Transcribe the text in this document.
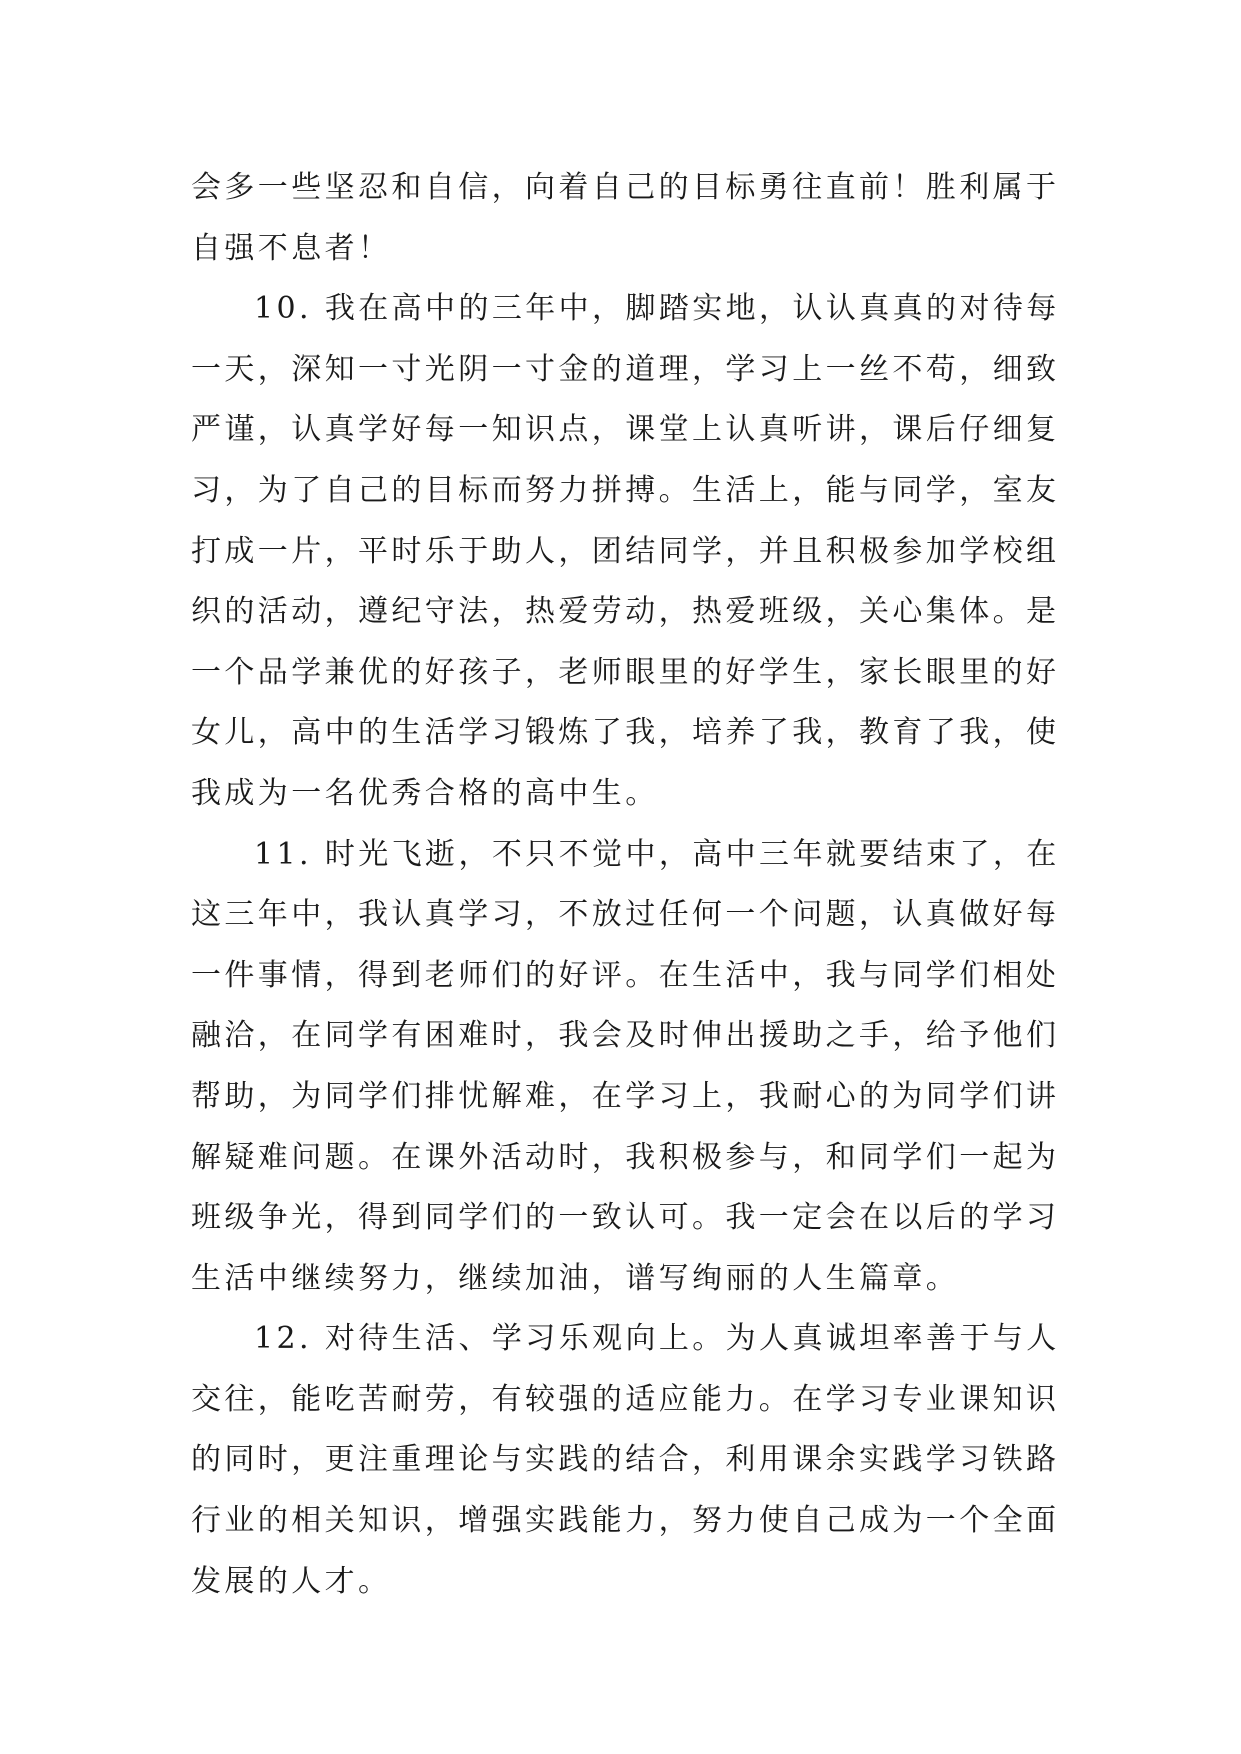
会多一些坚忍和自信，向着自己的目标勇往直前！胜利属于
自强不息者！
10. 我在高中的三年中，脚踏实地，认认真真的对待每
一天，深知一寸光阴一寸金的道理，学习上一丝不苟，细致
严谨，认真学好每一知识点，课堂上认真听讲，课后仔细复
习，为了自己的目标而努力拼搏。生活上，能与同学，室友
打成一片，平时乐于助人，团结同学，并且积极参加学校组
织的活动，遵纪守法，热爱劳动，热爱班级，关心集体。是
一个品学兼优的好孩子，老师眼里的好学生，家长眼里的好
女儿，高中的生活学习锻炼了我，培养了我，教育了我，使
我成为一名优秀合格的高中生。
11. 时光飞逝，不只不觉中，高中三年就要结束了，在
这三年中，我认真学习，不放过任何一个问题，认真做好每
一件事情，得到老师们的好评。在生活中，我与同学们相处
融洽，在同学有困难时，我会及时伸出援助之手，给予他们
帮助，为同学们排忧解难，在学习上，我耐心的为同学们讲
解疑难问题。在课外活动时，我积极参与，和同学们一起为
班级争光，得到同学们的一致认可。我一定会在以后的学习
生活中继续努力，继续加油，谱写绚丽的人生篇章。
12. 对待生活、学习乐观向上。为人真诚坦率善于与人
交往，能吃苦耐劳，有较强的适应能力。在学习专业课知识
的同时，更注重理论与实践的结合，利用课余实践学习铁路
行业的相关知识，增强实践能力，努力使自己成为一个全面
发展的人才。
